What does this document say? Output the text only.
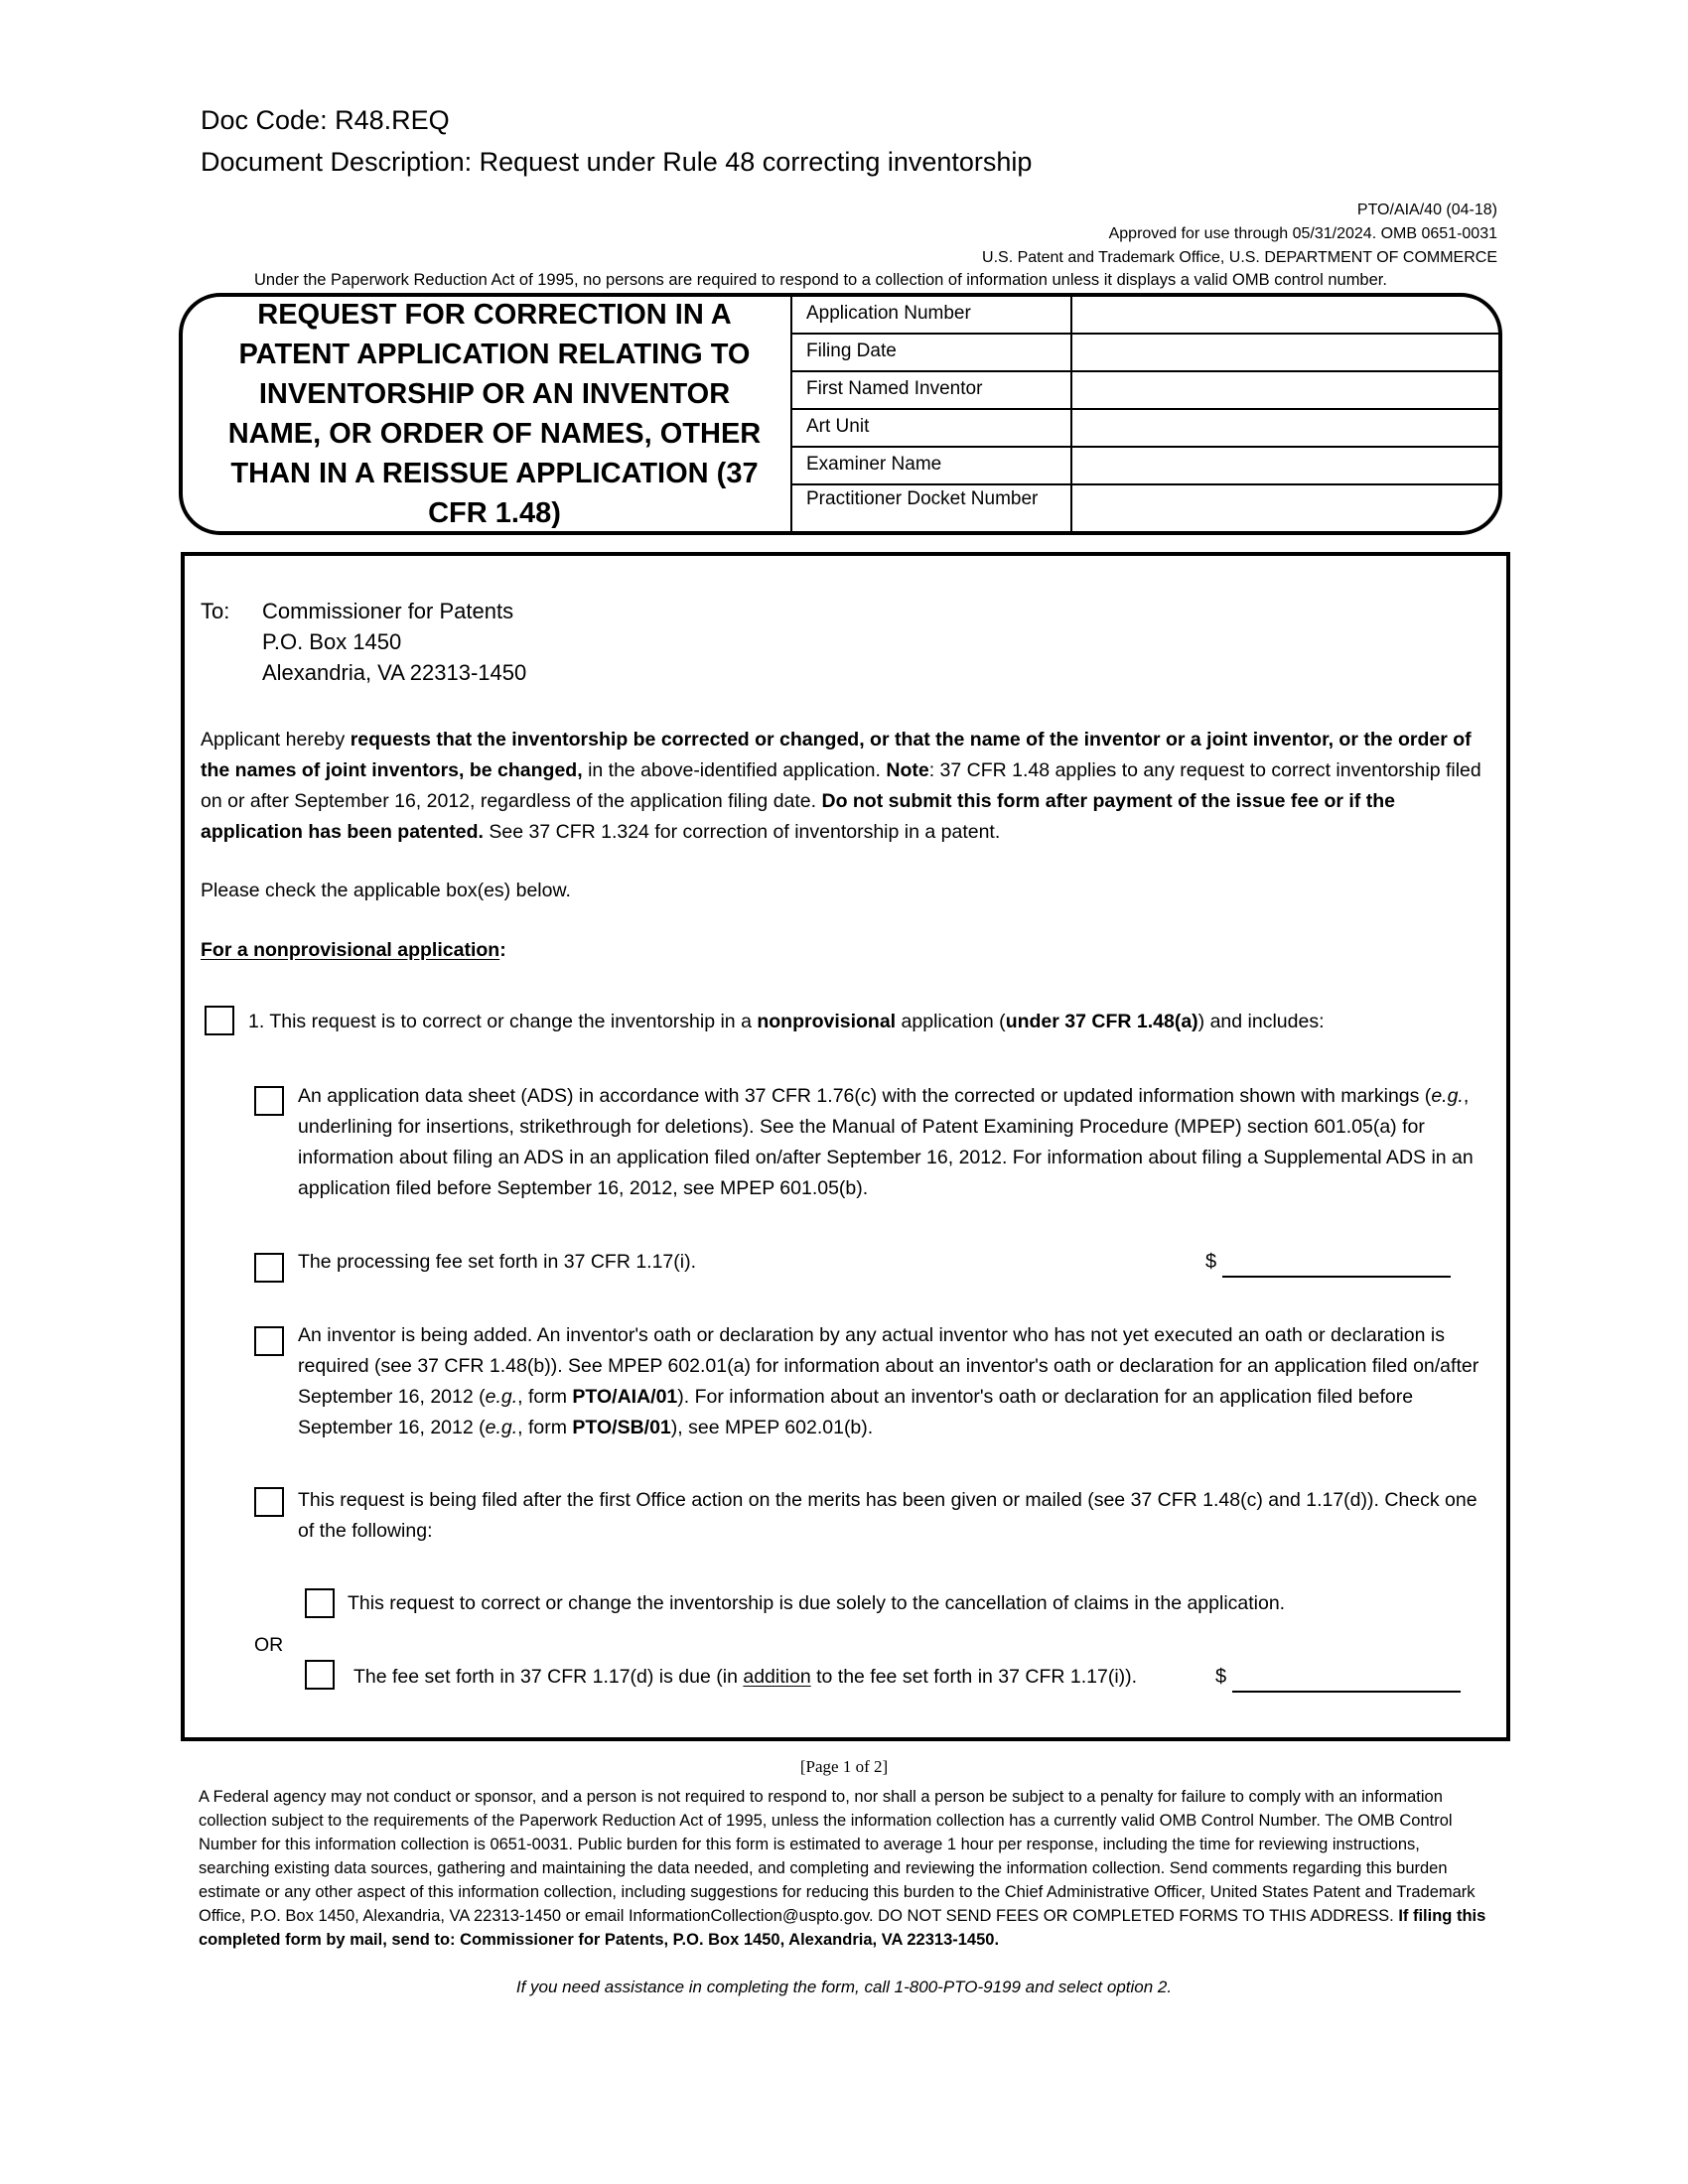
Doc Code: R48.REQ
Document Description: Request under Rule 48 correcting inventorship
PTO/AIA/40 (04-18)
Approved for use through 05/31/2024. OMB 0651-0031
U.S. Patent and Trademark Office, U.S. DEPARTMENT OF COMMERCE
Under the Paperwork Reduction Act of 1995, no persons are required to respond to a collection of information unless it displays a valid OMB control number.
REQUEST FOR CORRECTION IN A PATENT APPLICATION RELATING TO INVENTORSHIP OR AN INVENTOR NAME, OR ORDER OF NAMES, OTHER THAN IN A REISSUE APPLICATION (37 CFR 1.48)
Application Number
Filing Date
First Named Inventor
Art Unit
Examiner Name
Practitioner Docket Number
To: Commissioner for Patents
P.O. Box 1450
Alexandria, VA 22313-1450
Applicant hereby requests that the inventorship be corrected or changed, or that the name of the inventor or a joint inventor, or the order of the names of joint inventors, be changed, in the above-identified application. Note: 37 CFR 1.48 applies to any request to correct inventorship filed on or after September 16, 2012, regardless of the application filing date. Do not submit this form after payment of the issue fee or if the application has been patented. See 37 CFR 1.324 for correction of inventorship in a patent.
Please check the applicable box(es) below.
For a nonprovisional application:
1. This request is to correct or change the inventorship in a nonprovisional application (under 37 CFR 1.48(a)) and includes:
An application data sheet (ADS) in accordance with 37 CFR 1.76(c) with the corrected or updated information shown with markings (e.g., underlining for insertions, strikethrough for deletions). See the Manual of Patent Examining Procedure (MPEP) section 601.05(a) for information about filing an ADS in an application filed on/after September 16, 2012. For information about filing a Supplemental ADS in an application filed before September 16, 2012, see MPEP 601.05(b).
The processing fee set forth in 37 CFR 1.17(i).	$
An inventor is being added. An inventor's oath or declaration by any actual inventor who has not yet executed an oath or declaration is required (see 37 CFR 1.48(b)). See MPEP 602.01(a) for information about an inventor's oath or declaration for an application filed on/after September 16, 2012 (e.g., form PTO/AIA/01). For information about an inventor's oath or declaration for an application filed before September 16, 2012 (e.g., form PTO/SB/01), see MPEP 602.01(b).
This request is being filed after the first Office action on the merits has been given or mailed (see 37 CFR 1.48(c) and 1.17(d)). Check one of the following:
This request to correct or change the inventorship is due solely to the cancellation of claims in the application.
OR
The fee set forth in 37 CFR 1.17(d) is due (in addition to the fee set forth in 37 CFR 1.17(i)).	$
[Page 1 of 2]
A Federal agency may not conduct or sponsor, and a person is not required to respond to, nor shall a person be subject to a penalty for failure to comply with an information collection subject to the requirements of the Paperwork Reduction Act of 1995, unless the information collection has a currently valid OMB Control Number. The OMB Control Number for this information collection is 0651-0031. Public burden for this form is estimated to average 1 hour per response, including the time for reviewing instructions, searching existing data sources, gathering and maintaining the data needed, and completing and reviewing the information collection. Send comments regarding this burden estimate or any other aspect of this information collection, including suggestions for reducing this burden to the Chief Administrative Officer, United States Patent and Trademark Office, P.O. Box 1450, Alexandria, VA 22313-1450 or email InformationCollection@uspto.gov. DO NOT SEND FEES OR COMPLETED FORMS TO THIS ADDRESS. If filing this completed form by mail, send to: Commissioner for Patents, P.O. Box 1450, Alexandria, VA 22313-1450.
If you need assistance in completing the form, call 1-800-PTO-9199 and select option 2.
